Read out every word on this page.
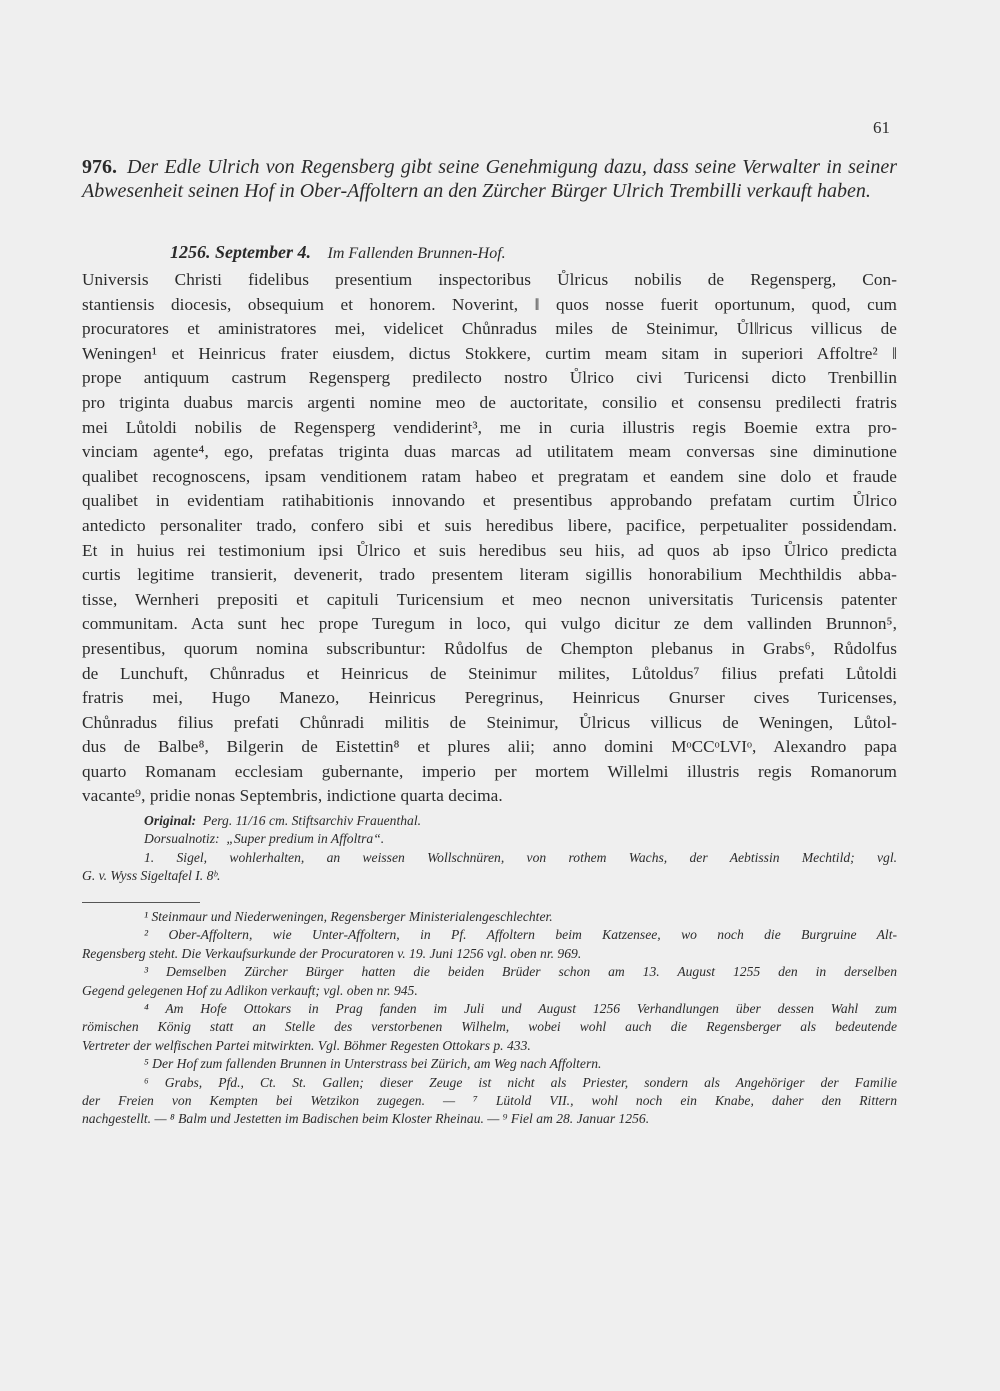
61
976. Der Edle Ulrich von Regensberg gibt seine Genehmigung dazu, dass seine Verwalter in seiner Abwesenheit seinen Hof in Ober-Affoltern an den Zürcher Bürger Ulrich Trembilli verkauft haben.
1256. September 4. Im Fallenden Brunnen-Hof.
Universis Christi fidelibus presentium inspectoribus Ůlricus nobilis de Regensperg, Con-
stantiensis diocesis, obsequium et honorem. Noverint, ‖ quos nosse fuerit oportunum, quod, cum
procuratores et aministratores mei, videlicet Chůnradus miles de Steinimur, Ůl‖ricus villicus de
Weningen¹ et Heinricus frater eiusdem, dictus Stokkere, curtim meam sitam in superiori Affoltre² ‖
prope antiquum castrum Regensperg predilecto nostro Ůlrico civi Turicensi dicto Trenbillin
pro triginta duabus marcis argenti nomine meo de auctoritate, consilio et consensu predilecti fratris
mei Lůtoldi nobilis de Regensperg vendiderint³, me in curia illustris regis Boemie extra pro-
vinciam agente⁴, ego, prefatas triginta duas marcas ad utilitatem meam conversas sine diminutione
qualibet recognoscens, ipsam venditionem ratam habeo et pregratam et eandem sine dolo et fraude
qualibet in evidentiam ratihabitionis innovando et presentibus approbando prefatam curtim Ůlrico
antedicto personaliter trado, confero sibi et suis heredibus libere, pacifice, perpetualiter possidendam.
Et in huius rei testimonium ipsi Ůlrico et suis heredibus seu hiis, ad quos ab ipso Ůlrico predicta
curtis legitime transierit, devenerit, trado presentem literam sigillis honorabilium Mechthildis abba-
tisse, Wernheri prepositi et capituli Turicensium et meo necnon universitatis Turicensis patenter
communitam. Acta sunt hec prope Turegum in loco, qui vulgo dicitur ze dem vallinden Brunnon⁵,
presentibus, quorum nomina subscribuntur: Růdolfus de Chempton plebanus in Grabs⁶, Růdolfus
de Lunchuft, Chůnradus et Heinricus de Steinimur milites, Lůtoldus⁷ filius prefati Lůtoldi
fratris mei, Hugo Manezo, Heinricus Peregrinus, Heinricus Gnurser cives Turicenses,
Chůnradus filius prefati Chůnradi militis de Steinimur, Ůlricus villicus de Weningen, Lůtol-
dus de Balbe⁸, Bilgerin de Eistettin⁸ et plures alii; anno domini MᵒCCᵒLVIᵒ, Alexandro papa
quarto Romanam ecclesiam gubernante, imperio per mortem Willelmi illustris regis Romanorum
vacante⁹, pridie nonas Septembris, indictione quarta decima.
Original: Perg. 11/16 cm. Stiftsarchiv Frauenthal.
Dorsualnotiz: „Super predium in Affoltra“.
1. Sigel, wohlerhalten, an weissen Wollschnüren, von rothem Wachs, der Aebtissin Mechtild; vgl.
G. v. Wyss Sigeltafel I. 8ᵇ.
¹ Steinmaur und Niederweningen, Regensberger Ministerialengeschlechter.
² Ober-Affoltern, wie Unter-Affoltern, in Pf. Affoltern beim Katzensee, wo noch die Burgruine Alt-
Regensberg steht. Die Verkaufsurkunde der Procuratoren v. 19. Juni 1256 vgl. oben nr. 969.
³ Demselben Zürcher Bürger hatten die beiden Brüder schon am 13. August 1255 den in derselben
Gegend gelegenen Hof zu Adlikon verkauft; vgl. oben nr. 945.
⁴ Am Hofe Ottokars in Prag fanden im Juli und August 1256 Verhandlungen über dessen Wahl zum
römischen König statt an Stelle des verstorbenen Wilhelm, wobei wohl auch die Regensberger als bedeutende
Vertreter der welfischen Partei mitwirkten. Vgl. Böhmer Regesten Ottokars p. 433.
⁵ Der Hof zum fallenden Brunnen in Unterstrass bei Zürich, am Weg nach Affoltern.
⁶ Grabs, Pfd., Ct. St. Gallen; dieser Zeuge ist nicht als Priester, sondern als Angehöriger der Familie
der Freien von Kempten bei Wetzikon zugegen. — ⁷ Lütold VII., wohl noch ein Knabe, daher den Rittern
nachgestellt. — ⁸ Balm und Jestetten im Badischen beim Kloster Rheinau. — ⁹ Fiel am 28. Januar 1256.
